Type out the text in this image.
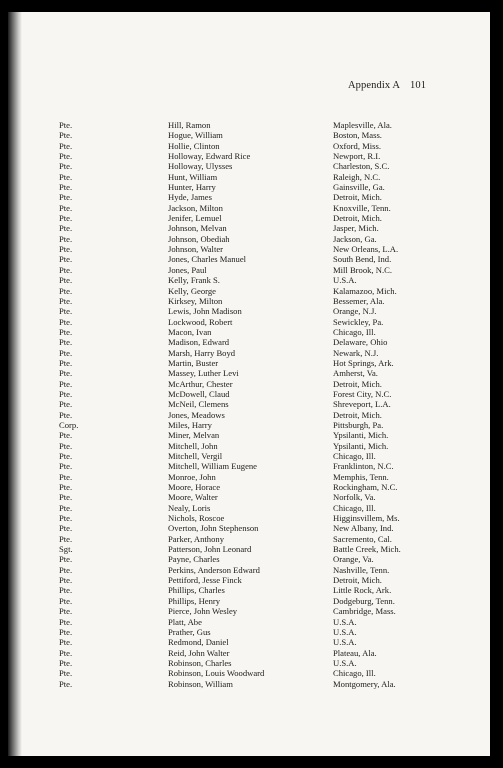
Appendix A 101
Pte.	Hill, Ramon	Maplesville, Ala.
Pte.	Hogue, William	Boston, Mass.
Pte.	Hollie, Clinton	Oxford, Miss.
Pte.	Holloway, Edward Rice	Newport, R.I.
Pte.	Holloway, Ulysses	Charleston, S.C.
Pte.	Hunt, William	Raleigh, N.C.
Pte.	Hunter, Harry	Gainsville, Ga.
Pte.	Hyde, James	Detroit, Mich.
Pte.	Jackson, Milton	Knoxville, Tenn.
Pte.	Jenifer, Lemuel	Detroit, Mich.
Pte.	Johnson, Melvan	Jasper, Mich.
Pte.	Johnson, Obediah	Jackson, Ga.
Pte.	Johnson, Walter	New Orleans, L.A.
Pte.	Jones, Charles Manuel	South Bend, Ind.
Pte.	Jones, Paul	Mill Brook, N.C.
Pte.	Kelly, Frank S.	U.S.A.
Pte.	Kelly, George	Kalamazoo, Mich.
Pte.	Kirksey, Milton	Bessemer, Ala.
Pte.	Lewis, John Madison	Orange, N.J.
Pte.	Lockwood, Robert	Sewickley, Pa.
Pte.	Macon, Ivan	Chicago, Ill.
Pte.	Madison, Edward	Delaware, Ohio
Pte.	Marsh, Harry Boyd	Newark, N.J.
Pte.	Martin, Buster	Hot Springs, Ark.
Pte.	Massey, Luther Levi	Amherst, Va.
Pte.	McArthur, Chester	Detroit, Mich.
Pte.	McDowell, Claud	Forest City, N.C.
Pte.	McNeil, Clemens	Shreveport, L.A.
Pte.	Jones, Meadows	Detroit, Mich.
Corp.	Miles, Harry	Pittsburgh, Pa.
Pte.	Miner, Melvan	Ypsilanti, Mich.
Pte.	Mitchell, John	Ypsilanti, Mich.
Pte.	Mitchell, Vergil	Chicago, Ill.
Pte.	Mitchell, William Eugene	Franklinton, N.C.
Pte.	Monroe, John	Memphis, Tenn.
Pte.	Moore, Horace	Rockingham, N.C.
Pte.	Moore, Walter	Norfolk, Va.
Pte.	Nealy, Loris	Chicago, Ill.
Pte.	Nichols, Roscoe	Higginsvillem, Ms.
Pte.	Overton, John Stephenson	New Albany, Ind.
Pte.	Parker, Anthony	Sacremento, Cal.
Sgt.	Patterson, John Leonard	Battle Creek, Mich.
Pte.	Payne, Charles	Orange, Va.
Pte.	Perkins, Anderson Edward	Nashville, Tenn.
Pte.	Pettiford, Jesse Finck	Detroit, Mich.
Pte.	Phillips, Charles	Little Rock, Ark.
Pte.	Phillips, Henry	Dodgeburg, Tenn.
Pte.	Pierce, John Wesley	Cambridge, Mass.
Pte.	Platt, Abe	U.S.A.
Pte.	Prather, Gus	U.S.A.
Pte.	Redmond, Daniel	U.S.A.
Pte.	Reid, John Walter	Plateau, Ala.
Pte.	Robinson, Charles	U.S.A.
Pte.	Robinson, Louis Woodward	Chicago, Ill.
Pte.	Robinson, William	Montgomery, Ala.
